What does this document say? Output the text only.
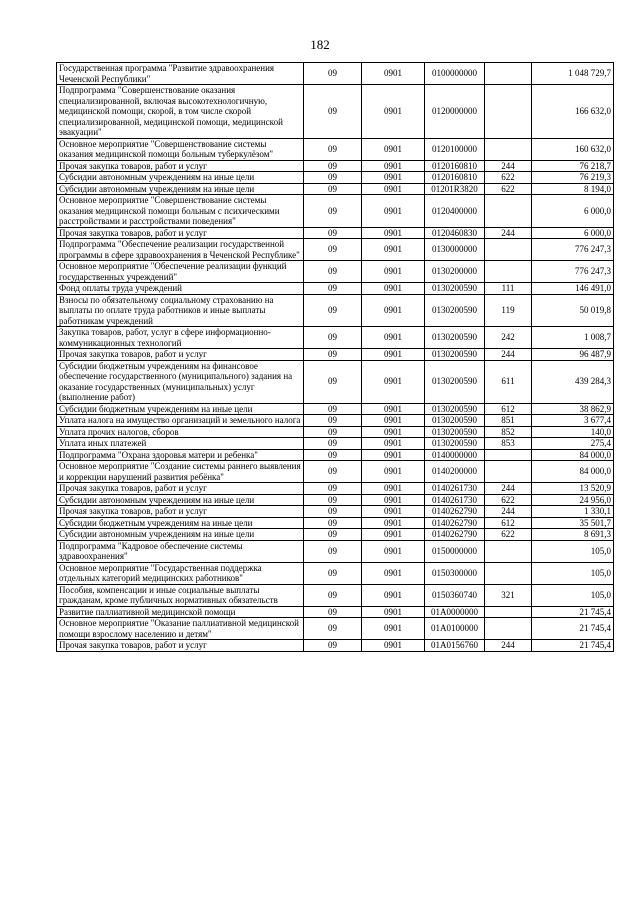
182
Государственная программа "Развитие здравоохранения Чеченской Республики"	09	0901	0100000000		1 048 729,7
Подпрограмма "Совершенствование оказания специализированной, включая высокотехнологичную, медицинской помощи, скорой, в том числе скорой специализированной, медицинской помощи, медицинской эвакуации"	09	0901	0120000000		166 632,0
Основное мероприятие "Совершенствование системы оказания медицинской помощи больным туберкулёзом"	09	0901	0120100000		160 632,0
Прочая закупка товаров, работ и услуг	09	0901	0120160810	244	76 218,7
Субсидии автономным учреждениям на иные цели	09	0901	0120160810	622	76 219,3
Субсидии автономным учреждениям на иные цели	09	0901	01201R3820	622	8 194,0
Основное мероприятие "Совершенствование системы оказания медицинской помощи больным с психическими расстройствами и расстройствами поведения"	09	0901	0120400000		6 000,0
Прочая закупка товаров, работ и услуг	09	0901	0120460830	244	6 000,0
Подпрограмма "Обеспечение реализации государственной программы в сфере здравоохранения в Чеченской Республике"	09	0901	0130000000		776 247,3
Основное мероприятие "Обеспечение реализации функций государственных учреждений"	09	0901	0130200000		776 247,3
Фонд оплаты труда учреждений	09	0901	0130200590	111	146 491,0
Взносы по обязательному социальному страхованию на выплаты по оплате труда работников и иные выплаты работникам учреждений	09	0901	0130200590	119	50 019,8
Закупка товаров, работ, услуг в сфере информационно-коммуникационных технологий	09	0901	0130200590	242	1 008,7
Прочая закупка товаров, работ и услуг	09	0901	0130200590	244	96 487,9
Субсидии бюджетным учреждениям на финансовое обеспечение государственного (муниципального) задания на оказание государственных (муниципальных) услуг (выполнение работ)	09	0901	0130200590	611	439 284,3
Субсидии бюджетным учреждениям на иные цели	09	0901	0130200590	612	38 862,9
Уплата налога на имущество организаций и земельного налога	09	0901	0130200590	851	3 677,4
Уплата прочих налогов, сборов	09	0901	0130200590	852	140,0
Уплата иных платежей	09	0901	0130200590	853	275,4
Подпрограмма "Охрана здоровья матери и ребенка"	09	0901	0140000000		84 000,0
Основное мероприятие "Создание системы раннего выявления и коррекции нарушений развития ребёнка"	09	0901	0140200000		84 000,0
Прочая закупка товаров, работ и услуг	09	0901	0140261730	244	13 520,9
Субсидии автономным учреждениям на иные цели	09	0901	0140261730	622	24 956,0
Прочая закупка товаров, работ и услуг	09	0901	0140262790	244	1 330,1
Субсидии бюджетным учреждениям на иные цели	09	0901	0140262790	612	35 501,7
Субсидии автономным учреждениям на иные цели	09	0901	0140262790	622	8 691,3
Подпрограмма "Кадровое обеспечение системы здравоохранения"	09	0901	0150000000		105,0
Основное мероприятие "Государственная поддержка отдельных категорий медицинских работников"	09	0901	0150300000		105,0
Пособия, компенсации и иные социальные выплаты гражданам, кроме публичных нормативных обязательств	09	0901	0150360740	321	105,0
Развитие паллиативной медицинской помощи	09	0901	01А0000000		21 745,4
Основное мероприятие "Оказание паллиативной медицинской помощи взрослому населению и детям"	09	0901	01А0100000		21 745,4
Прочая закупка товаров, работ и услуг	09	0901	01А0156760	244	21 745,4
